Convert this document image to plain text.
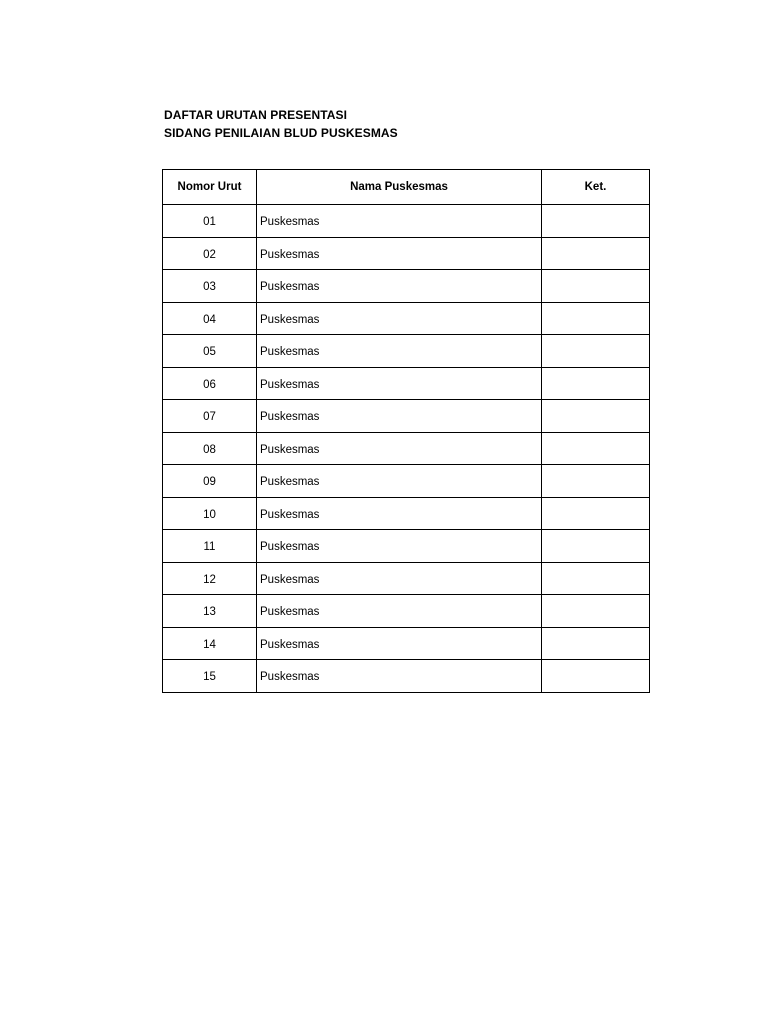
DAFTAR URUTAN PRESENTASI
SIDANG PENILAIAN BLUD PUSKESMAS
Nomor Urut	Nama Puskesmas	Ket.
01	Puskesmas	
02	Puskesmas	
03	Puskesmas	
04	Puskesmas	
05	Puskesmas	
06	Puskesmas	
07	Puskesmas	
08	Puskesmas	
09	Puskesmas	
10	Puskesmas	
11	Puskesmas	
12	Puskesmas	
13	Puskesmas	
14	Puskesmas	
15	Puskesmas	
